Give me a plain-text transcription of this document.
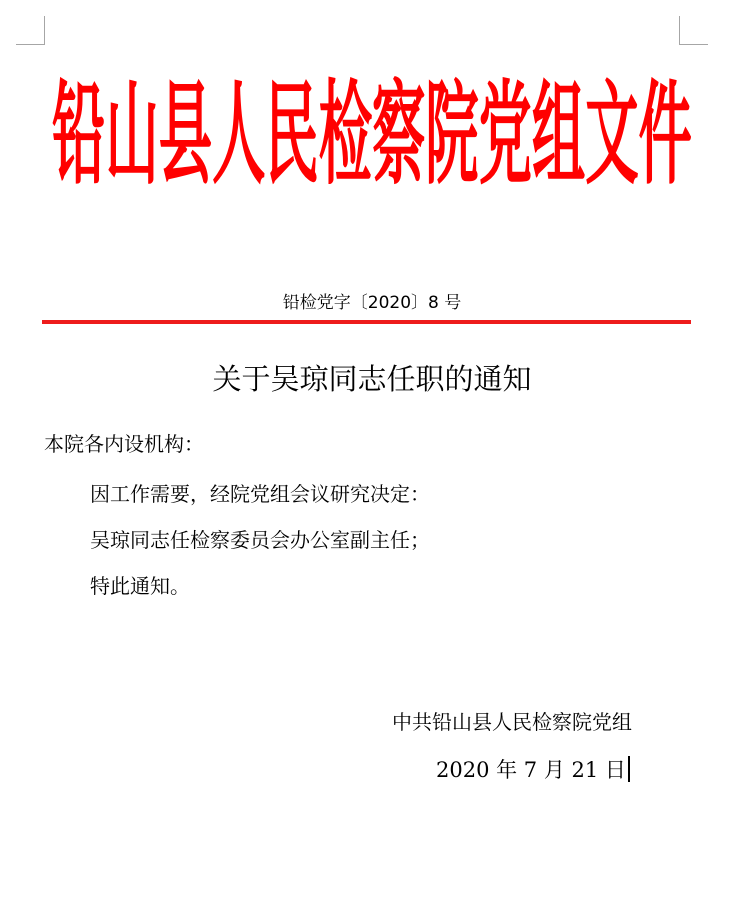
铅山县人民检察院党组文件
铅检党字〔2020〕8 号
关于吴琼同志任职的通知
本院各内设机构：
因工作需要，经院党组会议研究决定：
吴琼同志任检察委员会办公室副主任；
特此通知。
中共铅山县人民检察院党组
2020 年 7 月 21 日
